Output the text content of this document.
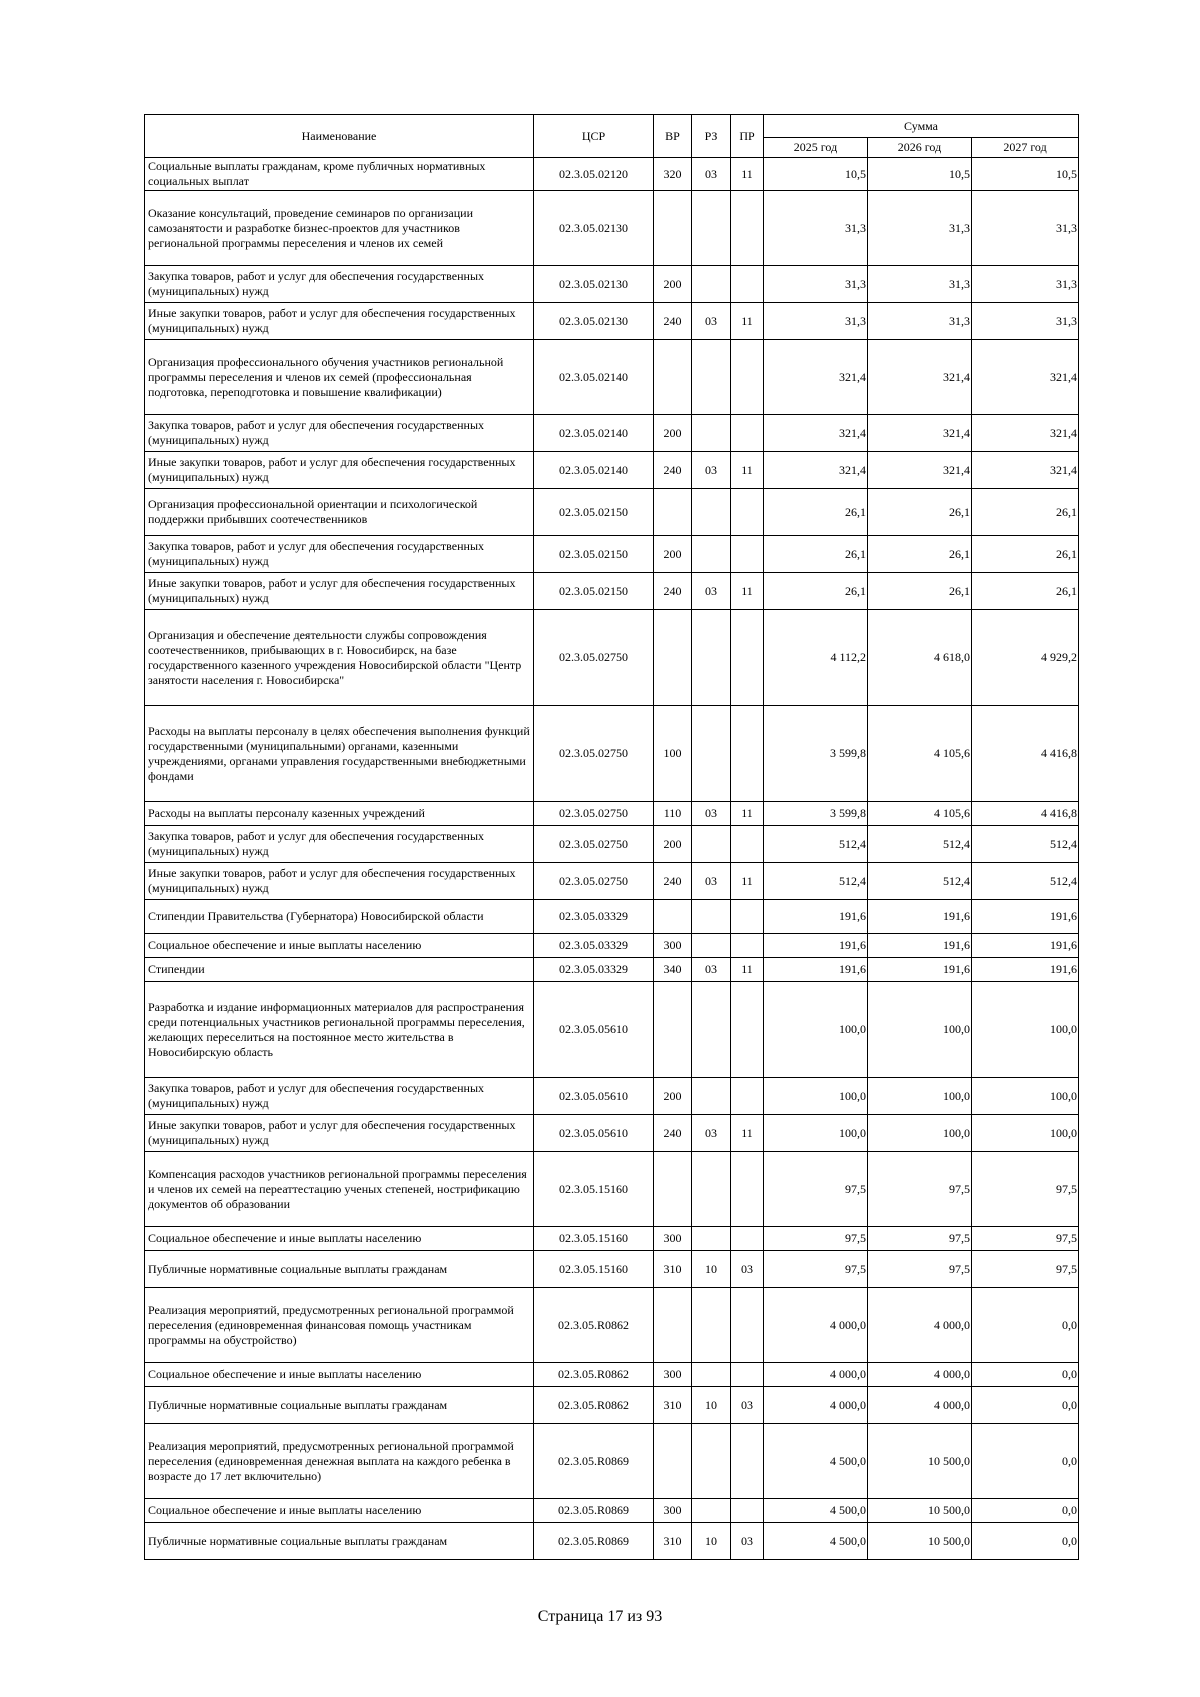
Наименование	ЦСР	ВР	РЗ	ПР	Сумма		
					2025 год	2026 год	2027 год
Социальные выплаты гражданам, кроме публичных нормативных социальных выплат	02.3.05.02120	320	03	11	10,5	10,5	10,5
Оказание консультаций, проведение семинаров по организации самозанятости и разработке бизнес-проектов для участников региональной программы переселения и членов их семей	02.3.05.02130				31,3	31,3	31,3
Закупка товаров, работ и услуг для обеспечения государственных (муниципальных) нужд	02.3.05.02130	200			31,3	31,3	31,3
Иные закупки товаров, работ и услуг для обеспечения государственных (муниципальных) нужд	02.3.05.02130	240	03	11	31,3	31,3	31,3
Организация профессионального обучения участников региональной программы переселения и членов их семей (профессиональная подготовка, переподготовка и повышение квалификации)	02.3.05.02140				321,4	321,4	321,4
Закупка товаров, работ и услуг для обеспечения государственных (муниципальных) нужд	02.3.05.02140	200			321,4	321,4	321,4
Иные закупки товаров, работ и услуг для обеспечения государственных (муниципальных) нужд	02.3.05.02140	240	03	11	321,4	321,4	321,4
Организация профессиональной ориентации и психологической поддержки прибывших соотечественников	02.3.05.02150				26,1	26,1	26,1
Закупка товаров, работ и услуг для обеспечения государственных (муниципальных) нужд	02.3.05.02150	200			26,1	26,1	26,1
Иные закупки товаров, работ и услуг для обеспечения государственных (муниципальных) нужд	02.3.05.02150	240	03	11	26,1	26,1	26,1
Организация и обеспечение деятельности службы сопровождения соотечественников, прибывающих в г. Новосибирск, на базе государственного казенного учреждения Новосибирской области "Центр занятости населения г. Новосибирска"	02.3.05.02750				4 112,2	4 618,0	4 929,2
Расходы на выплаты персоналу в целях обеспечения выполнения функций государственными (муниципальными) органами, казенными учреждениями, органами управления государственными внебюджетными фондами	02.3.05.02750	100			3 599,8	4 105,6	4 416,8
Расходы на выплаты персоналу казенных учреждений	02.3.05.02750	110	03	11	3 599,8	4 105,6	4 416,8
Закупка товаров, работ и услуг для обеспечения государственных (муниципальных) нужд	02.3.05.02750	200			512,4	512,4	512,4
Иные закупки товаров, работ и услуг для обеспечения государственных (муниципальных) нужд	02.3.05.02750	240	03	11	512,4	512,4	512,4
Стипендии Правительства (Губернатора) Новосибирской области	02.3.05.03329				191,6	191,6	191,6
Социальное обеспечение и иные выплаты населению	02.3.05.03329	300			191,6	191,6	191,6
Стипендии	02.3.05.03329	340	03	11	191,6	191,6	191,6
Разработка и издание информационных материалов для распространения среди потенциальных участников региональной программы переселения, желающих переселиться на постоянное место жительства в Новосибирскую область	02.3.05.05610				100,0	100,0	100,0
Закупка товаров, работ и услуг для обеспечения государственных (муниципальных) нужд	02.3.05.05610	200			100,0	100,0	100,0
Иные закупки товаров, работ и услуг для обеспечения государственных (муниципальных) нужд	02.3.05.05610	240	03	11	100,0	100,0	100,0
Компенсация расходов участников региональной программы переселения и членов их семей на переаттестацию ученых степеней, нострификацию документов об образовании	02.3.05.15160				97,5	97,5	97,5
Социальное обеспечение и иные выплаты населению	02.3.05.15160	300			97,5	97,5	97,5
Публичные нормативные социальные выплаты гражданам	02.3.05.15160	310	10	03	97,5	97,5	97,5
Реализация мероприятий, предусмотренных региональной программой переселения (единовременная финансовая помощь участникам программы на обустройство)	02.3.05.R0862				4 000,0	4 000,0	0,0
Социальное обеспечение и иные выплаты населению	02.3.05.R0862	300			4 000,0	4 000,0	0,0
Публичные нормативные социальные выплаты гражданам	02.3.05.R0862	310	10	03	4 000,0	4 000,0	0,0
Реализация мероприятий, предусмотренных региональной программой переселения (единовременная денежная выплата на каждого ребенка в возрасте до 17 лет включительно)	02.3.05.R0869				4 500,0	10 500,0	0,0
Социальное обеспечение и иные выплаты населению	02.3.05.R0869	300			4 500,0	10 500,0	0,0
Публичные нормативные социальные выплаты гражданам	02.3.05.R0869	310	10	03	4 500,0	10 500,0	0,0
Страница 17 из 93
